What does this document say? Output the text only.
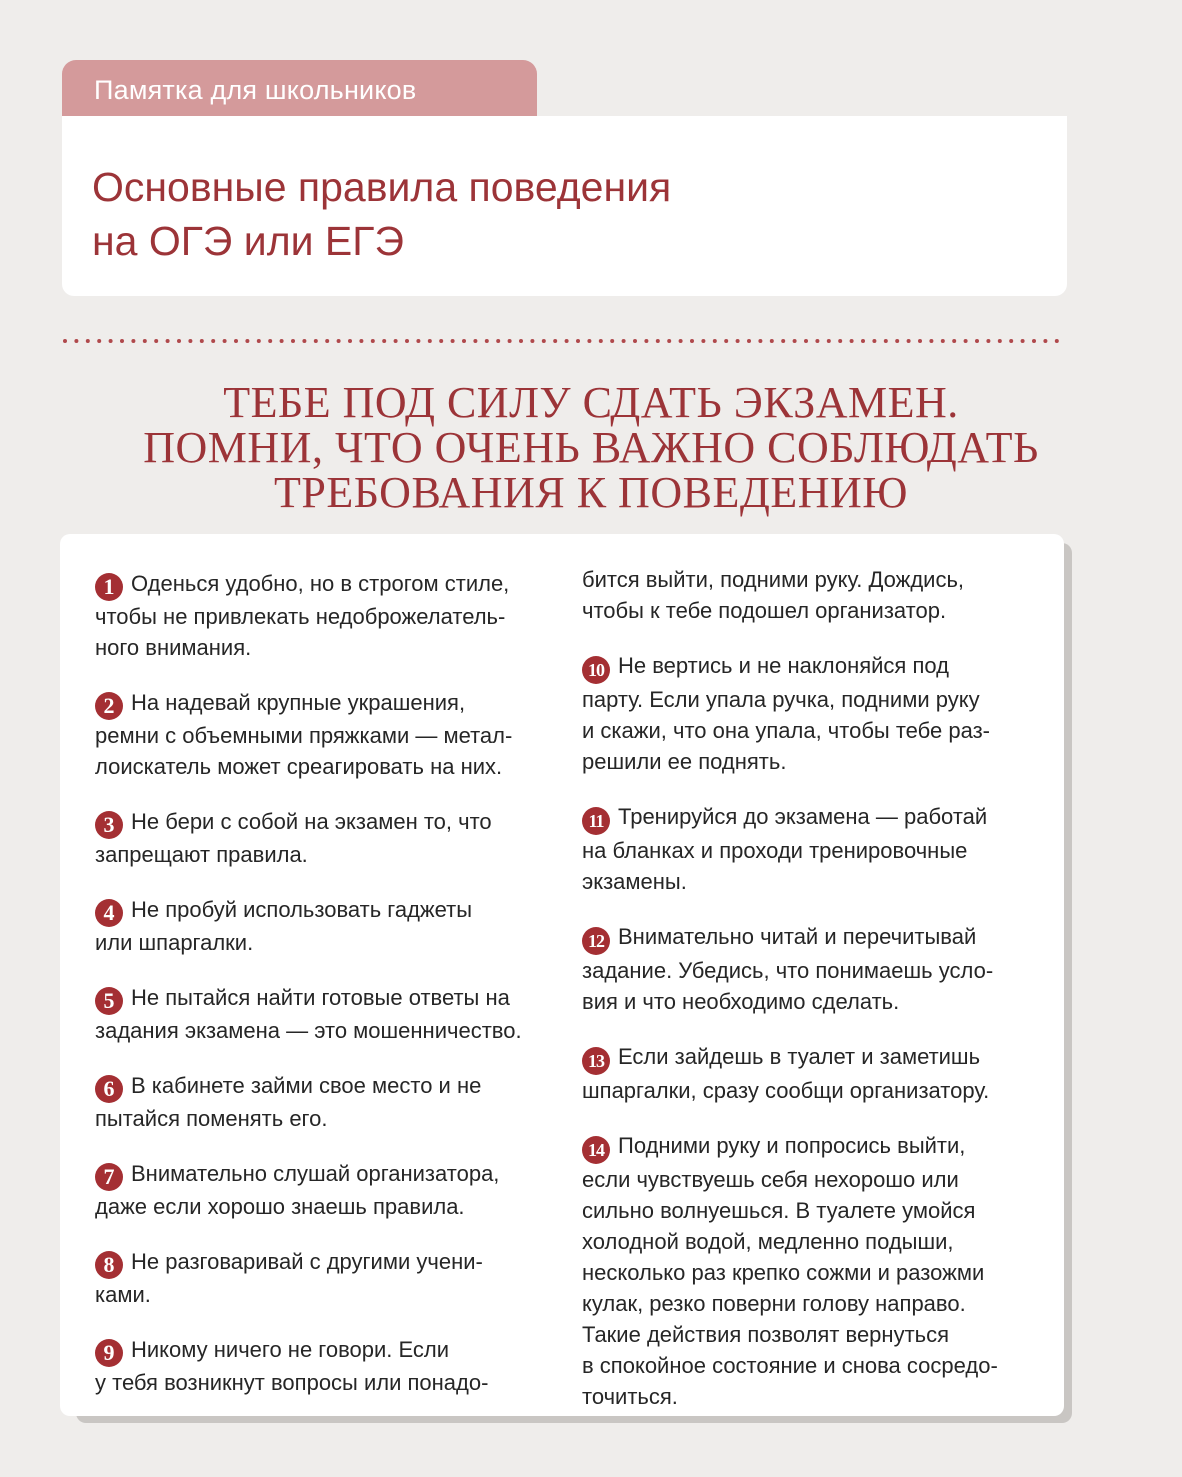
Памятка для школьников
Основные правила поведения
на ОГЭ или ЕГЭ
ТЕБЕ ПОД СИЛУ СДАТЬ ЭКЗАМЕН.
ПОМНИ, ЧТО ОЧЕНЬ ВАЖНО СОБЛЮДАТЬ
ТРЕБОВАНИЯ К ПОВЕДЕНИЮ
1 Оденься удобно, но в строгом стиле,
чтобы не привлекать недоброжелатель-
ного внимания.
2 На надевай крупные украшения,
ремни с объемными пряжками — метал-
лоискатель может среагировать на них.
3 Не бери с собой на экзамен то, что
запрещают правила.
4 Не пробуй использовать гаджеты
или шпаргалки.
5 Не пытайся найти готовые ответы на
задания экзамена — это мошенничество.
6 В кабинете займи свое место и не
пытайся поменять его.
7 Внимательно слушай организатора,
даже если хорошо знаешь правила.
8 Не разговаривай с другими учени-
ками.
9 Никому ничего не говори. Если
у тебя возникнут вопросы или понадо-
бится выйти, подними руку. Дождись,
чтобы к тебе подошел организатор.
10 Не вертись и не наклоняйся под
парту. Если упала ручка, подними руку
и скажи, что она упала, чтобы тебе раз-
решили ее поднять.
11 Тренируйся до экзамена — работай
на бланках и проходи тренировочные
экзамены.
12 Внимательно читай и перечитывай
задание. Убедись, что понимаешь усло-
вия и что необходимо сделать.
13 Если зайдешь в туалет и заметишь
шпаргалки, сразу сообщи организатору.
14 Подними руку и попросись выйти,
если чувствуешь себя нехорошо или
сильно волнуешься. В туалете умойся
холодной водой, медленно подыши,
несколько раз крепко сожми и разожми
кулак, резко поверни голову направо.
Такие действия позволят вернуться
в спокойное состояние и снова сосредо-
точиться.
